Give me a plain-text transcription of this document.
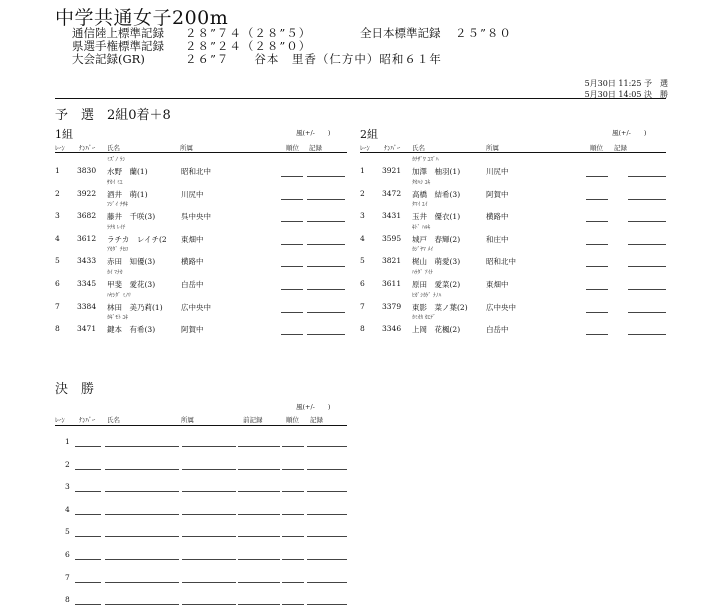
中学共通女子200m
通信陸上標準記録 ２８”７４（２８”５）	全日本標準記録 ２５”８０
県選手権標準記録 ２８”２４（２８”０）
大会記録(GR)	２６”７　　谷本　里香（仁方中）昭和６１年
5月30日 11:25 予　選
5月30日 14:05 決　勝
予　選　2組0着＋8
1組	風(+/-　　)
ﾚｰﾝ ﾅﾝﾊﾞｰ 氏名	所属	順位 記録
ﾐｽﾞﾉ ﾗﾝ
1 3830 水野　蘭(1)	昭和北中
ｻｶｲ ﾐｴ
2 3922 酒井　萌(1)	川尻中
ﾌｼﾞｲ ﾁｻｷ
3 3682 藤井　千咲(3)	呉中央中
ﾗﾁｶ ﾚｲﾁ
4 3612 ラチカ　レイチ(2 東畑中
ｱｶﾀﾞ ﾁﾋﾛ
5 3433 赤田　知優(3)	横路中
ｶｲ ﾏﾅｶ
6 3345 甲斐　愛花(3)	白岳中
ﾊﾔｼﾀﾞ ﾐﾉﾘ
7 3384 林田　美乃莉(1) 広中央中
ｶｷﾞﾓﾄ ﾕｷ
8 3471 鍵本　有希(3)	阿賀中
2組	風(+/-　　)
ﾚｰﾝ ﾅﾝﾊﾞｰ 氏名	所属	順位 記録
ｶﾁｻﾞﾜ ﾕｽﾞﾊ
1 3921 加澤　柚羽(1)	川尻中
ﾀｶﾊｼ ﾕｷ
2 3472 高橋　結希(3)	阿賀中
ﾀﾏｲ ﾕｲ
3 3431 玉井　優衣(1)	横路中
ｷﾄﾞ ﾊﾙｷ
4 3595 城戸　春輝(2)	和庄中
ｶｼﾞﾔﾏ ﾒｲ
5 3821 梶山　萌愛(3)	昭和北中
ﾊﾗﾀﾞ ｱｲﾅ
6 3611 原田　愛菜(2)	東畑中
ﾋｶﾞｼｶｹﾞ ﾅﾉﾊ
7 3379 東影　菜ノ葉(2) 広中央中
ｶﾐｵｶ ｶｴﾃﾞ
8 3346 上岡　花楓(2)	白岳中
決　勝
風(+/-　　)
ﾚｰﾝ ﾅﾝﾊﾞｰ 氏名	所属	前記録	順位 記録
1
2
3
4
5
6
7
8
